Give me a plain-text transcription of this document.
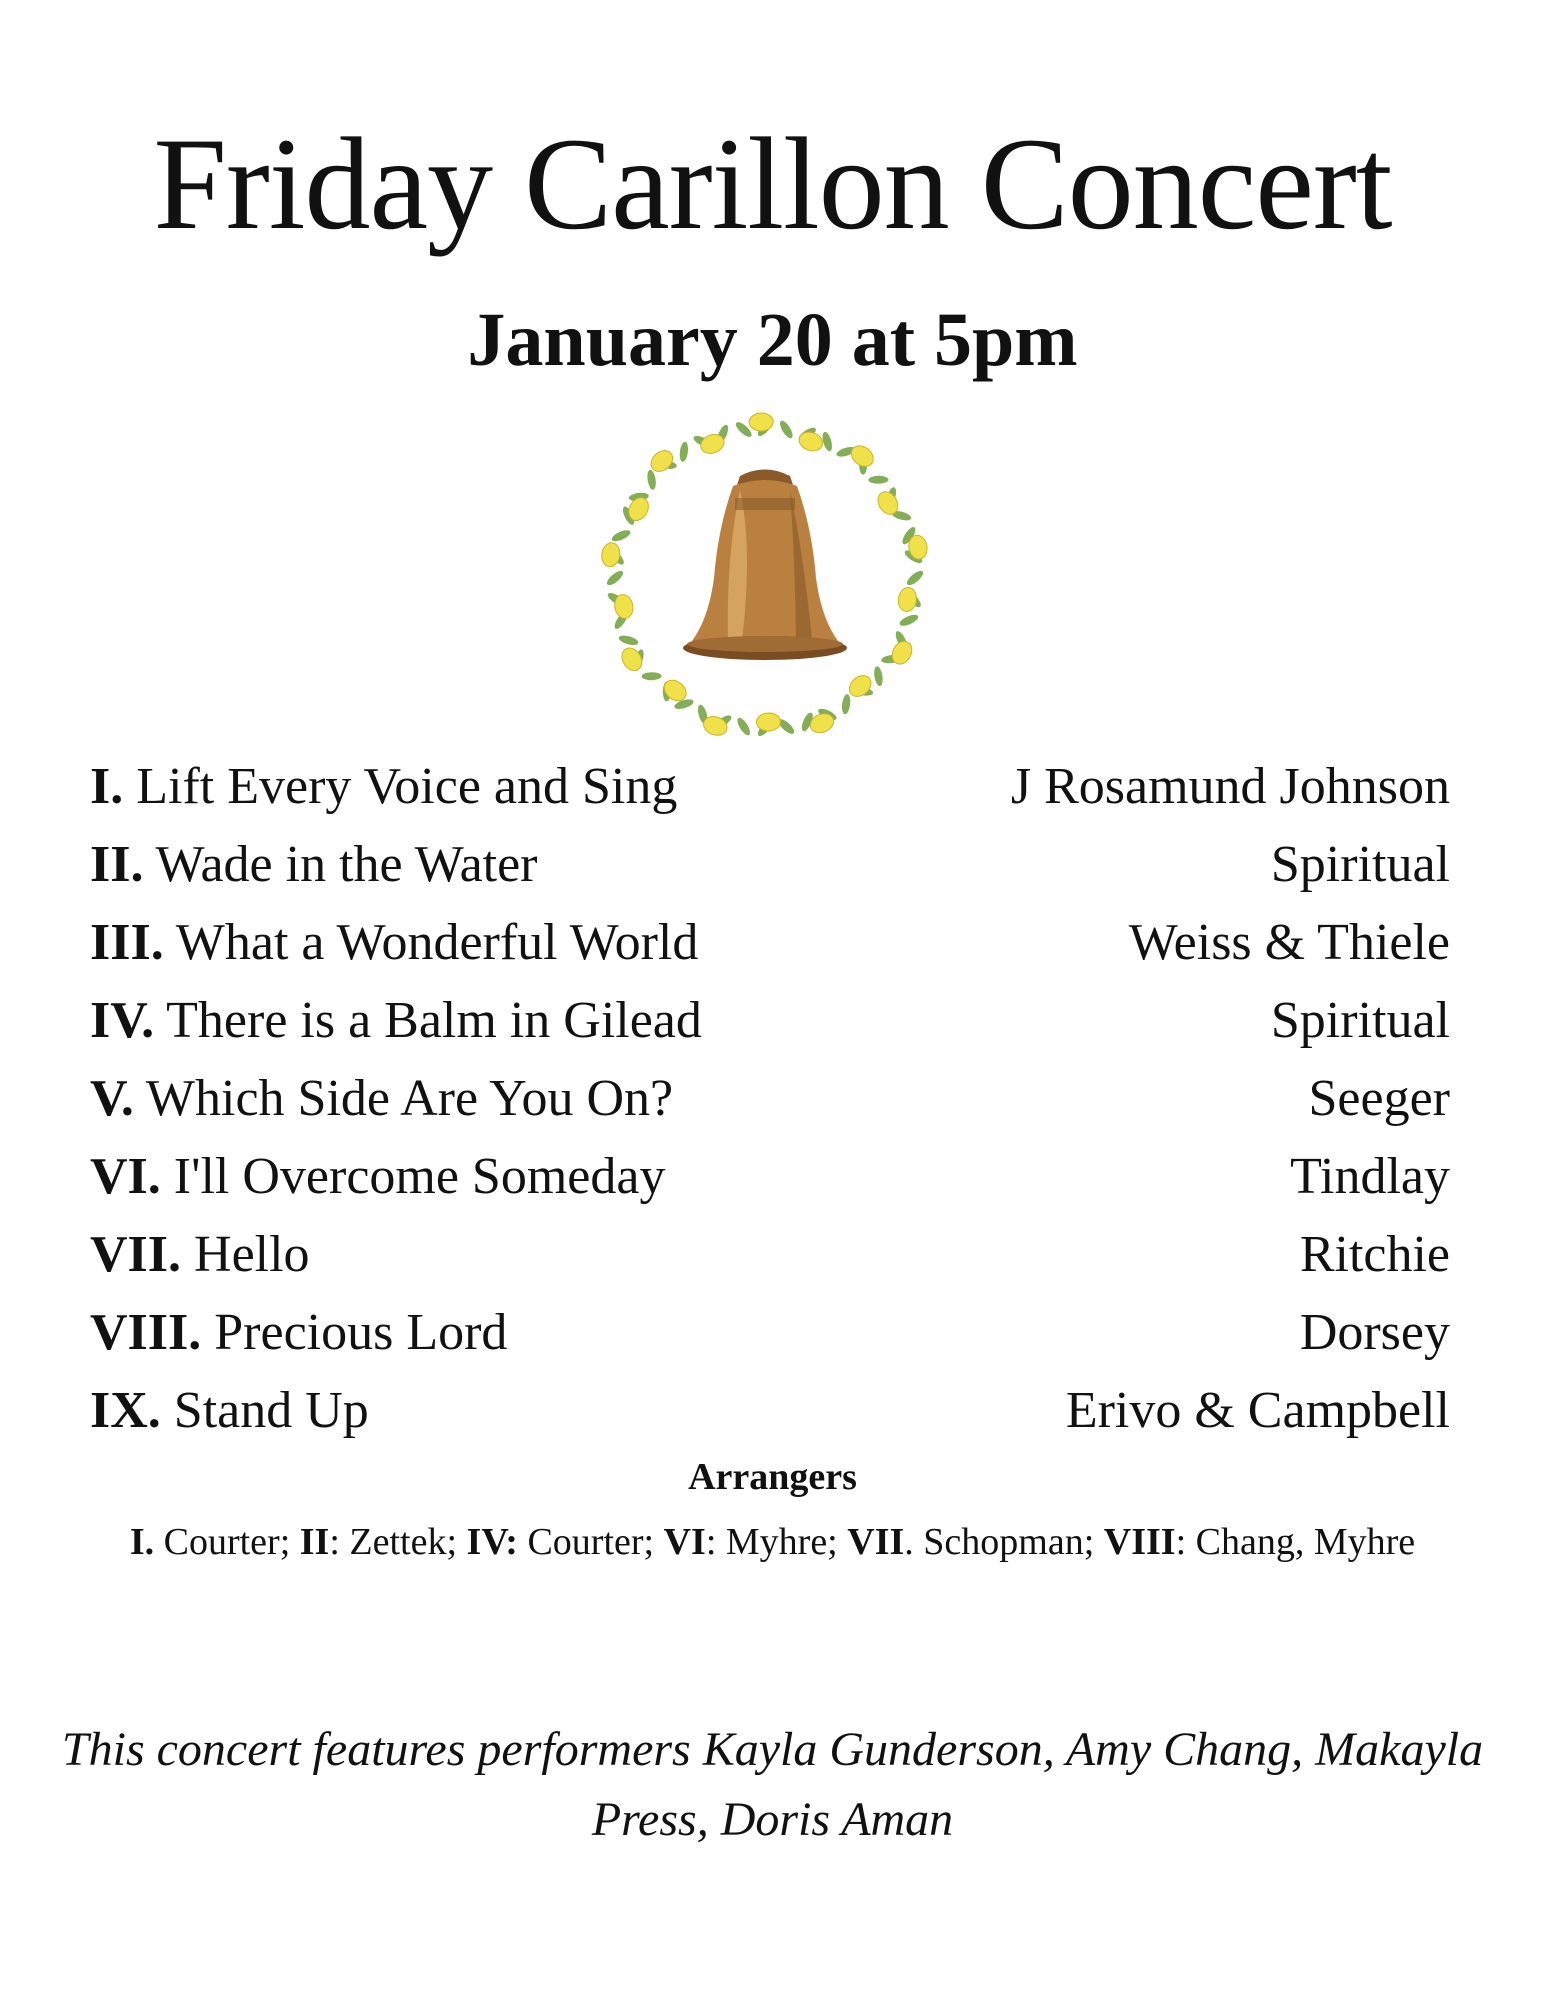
Friday Carillon Concert
January 20 at 5pm
I. Lift Every Voice and Sing	J Rosamund Johnson
II. Wade in the Water	Spiritual
III. What a Wonderful World	Weiss & Thiele
IV. There is a Balm in Gilead	Spiritual
V. Which Side Are You On?	Seeger
VI. I'll Overcome Someday	Tindlay
VII. Hello	Ritchie
VIII. Precious Lord	Dorsey
IX. Stand Up	Erivo & Campbell
Arrangers
I. Courter; II: Zettek; IV: Courter; VI: Myhre; VII. Schopman; VIII: Chang, Myhre
This concert features performers Kayla Gunderson, Amy Chang, Makayla
Press, Doris Aman
